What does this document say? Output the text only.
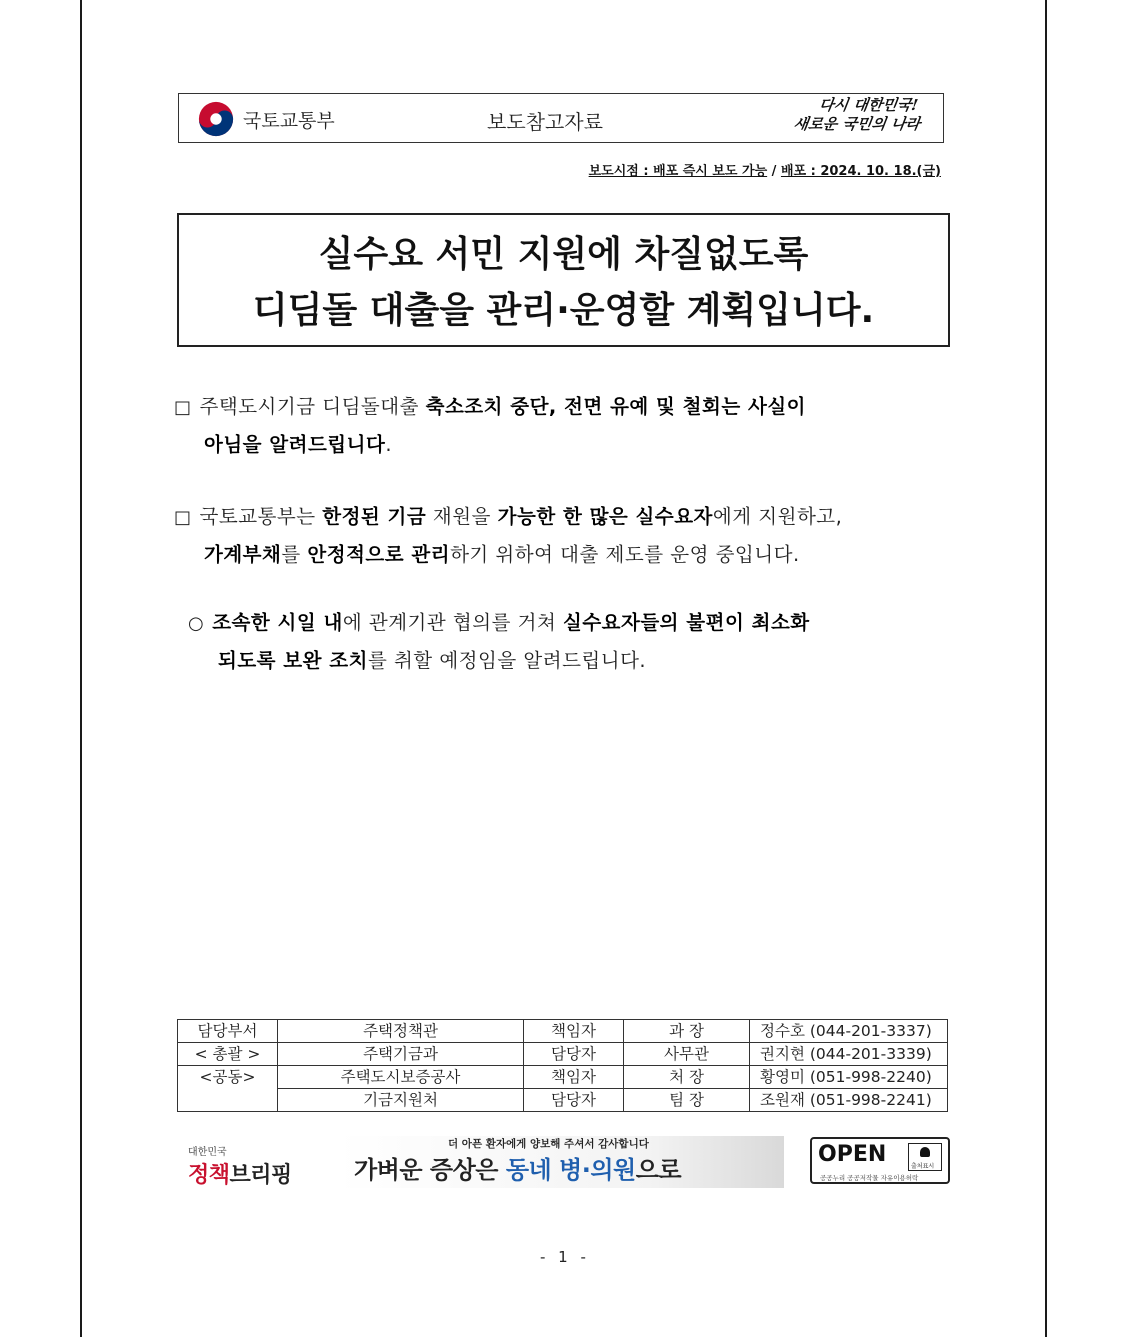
국토교통부	보도참고자료
다시 대한민국!
새로운 국민의 나라
보도시점 : 배포 즉시 보도 가능 / 배포 : 2024. 10. 18.(금)
실수요 서민 지원에 차질없도록
디딤돌 대출을 관리·운영할 계획입니다.
□ 주택도시기금 디딤돌대출 축소조치 중단, 전면 유예 및 철회는 사실이
아님을 알려드립니다.
□ 국토교통부는 한정된 기금 재원을 가능한 한 많은 실수요자에게 지원하고,
가계부채를 안정적으로 관리하기 위하여 대출 제도를 운영 중입니다.
○ 조속한 시일 내에 관계기관 협의를 거쳐 실수요자들의 불편이 최소화
되도록 보완 조치를 취할 예정임을 알려드립니다.
담당부서	주택정책관	책임자	과 장	정수호 (044-201-3337)
< 총괄 >	주택기금과	담당자	사무관	권지현 (044-201-3339)
<공동>	주택도시보증공사	책임자	처 장	황영미 (051-998-2240)
	기금지원처	담당자	팀 장	조원재 (051-998-2241)
대한민국
정책브리핑
더 아픈 환자에게 양보해 주셔서 감사합니다
가벼운 증상은 동네 병·의원으로
OPEN
공공누리 공공저작물 자유이용허락
출처표시
- 1 -
